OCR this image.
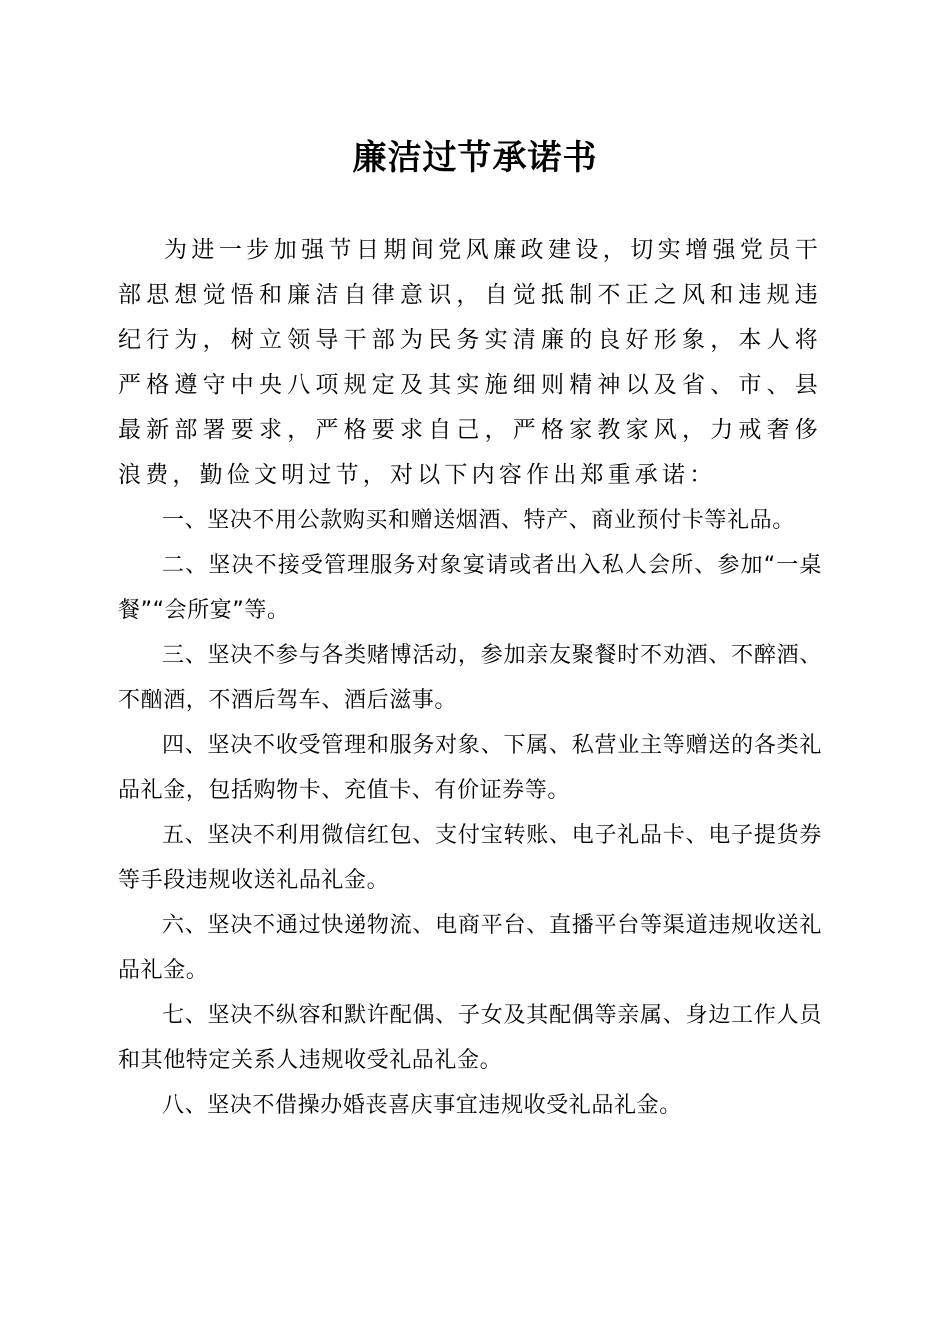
廉洁过节承诺书

为进一步加强节日期间党风廉政建设，切实增强党员干部思想觉悟和廉洁自律意识，自觉抵制不正之风和违规违纪行为，树立领导干部为民务实清廉的良好形象，本人将严格遵守中央八项规定及其实施细则精神以及省、市、县最新部署要求，严格要求自己，严格家教家风，力戒奢侈浪费，勤俭文明过节，对以下内容作出郑重承诺：

一、坚决不用公款购买和赠送烟酒、特产、商业预付卡等礼品。
二、坚决不接受管理服务对象宴请或者出入私人会所、参加“一桌餐”“会所宴”等。
三、坚决不参与各类赌博活动，参加亲友聚餐时不劝酒、不醉酒、不酗酒，不酒后驾车、酒后滋事。
四、坚决不收受管理和服务对象、下属、私营业主等赠送的各类礼品礼金，包括购物卡、充值卡、有价证券等。
五、坚决不利用微信红包、支付宝转账、电子礼品卡、电子提货券等手段违规收送礼品礼金。
六、坚决不通过快递物流、电商平台、直播平台等渠道违规收送礼品礼金。
七、坚决不纵容和默许配偶、子女及其配偶等亲属、身边工作人员和其他特定关系人违规收受礼品礼金。
八、坚决不借操办婚丧喜庆事宜违规收受礼品礼金。
